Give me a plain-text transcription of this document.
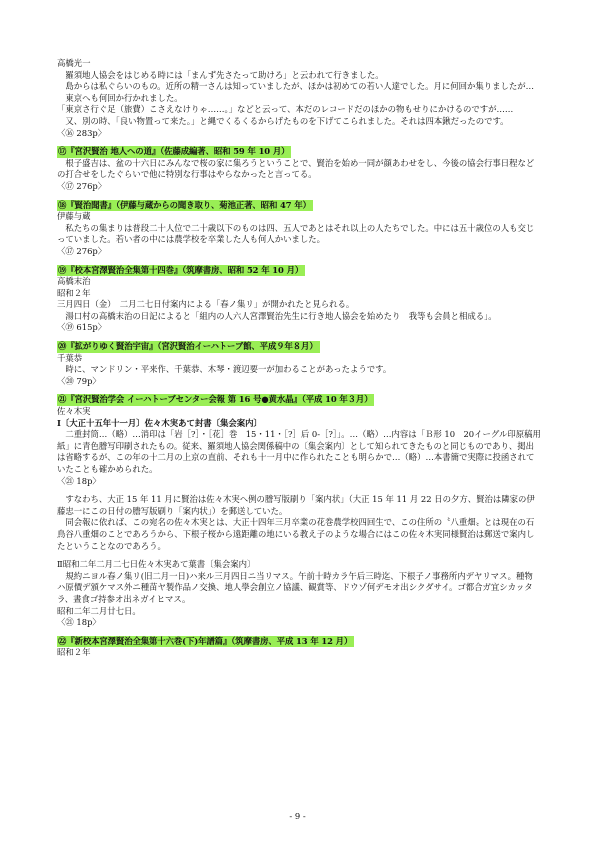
高橋光一

　羅須地人協会をはじめる時には「まんず先さたって助けろ」と云われて行きました。

　島からは私ぐらいのもの。近所の精一さんは知っていましたが、ほかは初めての若い人達でした。月に何回か集りましたが…

　東京へも何回か行かれました。

「東京さ行ぐ足（旅費）こさえなけりゃ……。」などと云って、本だのレコードだのほかの物もせりにかけるのですが……

　又、別の時、「良い物置って来た。」と縄でくるくるからげたものを下げてこられました。それは四本鍬だったのです。

〈⑯ 283p〉

⑰『宮沢賢治 地人への道』（佐藤成編著、昭和 59 年 10 月）

　根子盛吉は、盆の十六日にみんなで桜の家に集ろうということで、賢治を始め一同が顔あわせをし、今後の協会行事日程などの打合せをしたぐらいで他に特別な行事はやらなかったと言ってる。

〈⑰ 276p〉

⑱『賢治聞書』（伊藤与蔵からの聞き取り、菊池正著、昭和 47 年）

伊藤与蔵

　私たちの集まりは普段二十人位で二十歳以下のものは四、五人であとはそれ以上の人たちでした。中には五十歳位の人も交じっていました。若い者の中には農学校を卒業した人も何人かいました。

〈⑰ 276p〉

⑲『校本宮澤賢治全集第十四巻』（筑摩書房、昭和 52 年 10 月）

高橋末治

昭和２年

三月四日（金）　二月二七日付案内による「春ノ集リ」が開かれたと見られる。

　湯口村の高橋末治の日記によると「組内の人六人宮澤賢治先生に行き地人協会を始めたり　我等も会員と相成る」。

〈⑲ 615p〉

⑳『拡がりゆく賢治宇宙』（宮沢賢治イーハトーブ館、平成９年８月）

千葉恭

　時に、マンドリン・平来作、千葉恭、木琴・渡辺要一が加わることがあったようです。

〈⑳ 79p〉

㉑『宮沢賢治学会 イーハトーブセンター会報 第 16 号●黄水晶』（平成 10 年３月）

佐々木実

Ⅰ〔大正十五年十一月〕佐々木実あて封書〔集会案内〕

　二重封筒…（略）…消印は「岩［?］・［花］巻　15・11・［?］后 0-［?］」。…（略）…内容は「Ｂ形 10　20イーグル印原稿用紙」に青色謄写印刷されたもの。従来、羅須地人協会関係稿中の〔集会案内〕として知られてきたものと同じものであり、掲出は省略するが、この年の十二月の上京の直前、それも十一月中に作られたことも明らかで…（略）…本書簡で実際に投函されていたことも確かめられた。

〈㉑ 18p〉

　すなわち、大正 15 年 11 月に賢治は佐々木実へ例の謄写版刷り「案内状」（大正 15 年 11 月 22 日の夕方、賢治は隣家の伊藤忠一にこの日付の謄写版刷り「案内状」）を郵送していた。

　同会報に依れば、この宛名の佐々木実とは、大正十四年三月卒業の花巻農学校四回生で、この住所の〝八重畑〟とは現在の石鳥谷八重畑のことであろうから、下根子桜から遠距離の地にいる教え子のような場合にはこの佐々木実同様賢治は郵送で案内したということなのであろう。

Ⅱ昭和二年二月二七日佐々木実あて葉書〔集会案内〕

　規約ニヨル春ノ集リ(旧二月一日)ハ来ル三月四日ニ当リマス。午前十時カラ午后三時迄、下根子ノ事務所内デヤリマス。種物ハ原價デ頒ケマス外ニ種苗ヤ製作品ノ交換、地人學会創立ノ協議、観賞等、ドウゾ何デモオ出シクダサイ。ゴ都合ガ宜シカッタラ、晝食ゴ持参オ出ネガイヒマス。

昭和二年二月廿七日。

〈㉑ 18p〉

㉒『新校本宮澤賢治全集第十六巻(下)年譜篇』（筑摩書房、平成 13 年 12 月）

昭和２年

- 9 -
